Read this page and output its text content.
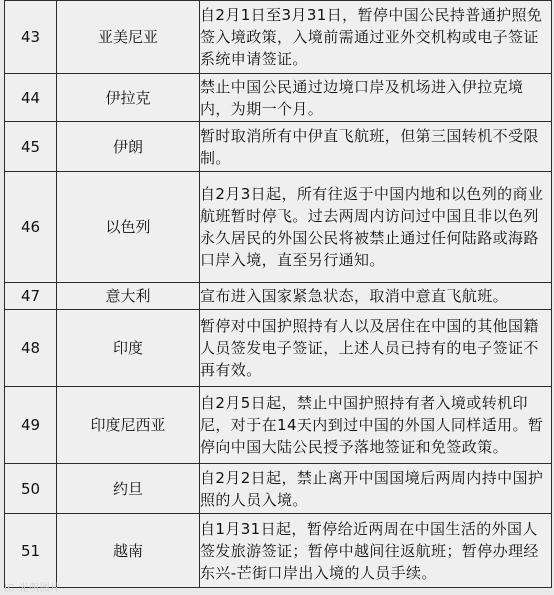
43	亚美尼亚	自2月1日至3月31日，暂停中国公民持普通护照免签入境政策，入境前需通过亚外交机构或电子签证系统申请签证。
44	伊拉克	禁止中国公民通过边境口岸及机场进入伊拉克境内，为期一个月。
45	伊朗	暂时取消所有中伊直飞航班，但第三国转机不受限制。
46	以色列	自2月3日起，所有往返于中国内地和以色列的商业航班暂时停飞。过去两周内访问过中国且非以色列永久居民的外国公民将被禁止通过任何陆路或海路口岸入境，直至另行通知。
47	意大利	宣布进入国家紧急状态，取消中意直飞航班。
48	印度	暂停对中国护照持有人以及居住在中国的其他国籍人员签发电子签证，上述人员已持有的电子签证不再有效。
49	印度尼西亚	自2月5日起，禁止中国护照持有者入境或转机印尼，对于在14天内到过中国的外国人同样适用。暂停向中国大陆公民授予落地签证和免签政策。
50	约旦	自2月2日起，禁止离开中国国境后两周内持中国护照的人员入境。
51	越南	自1月31日起，暂停给近两周在中国生活的外国人签发旅游签证；暂停中越间往返航班；暂停办理经东兴-芒街口岸出入境的人员手续。
IC 光明图片
